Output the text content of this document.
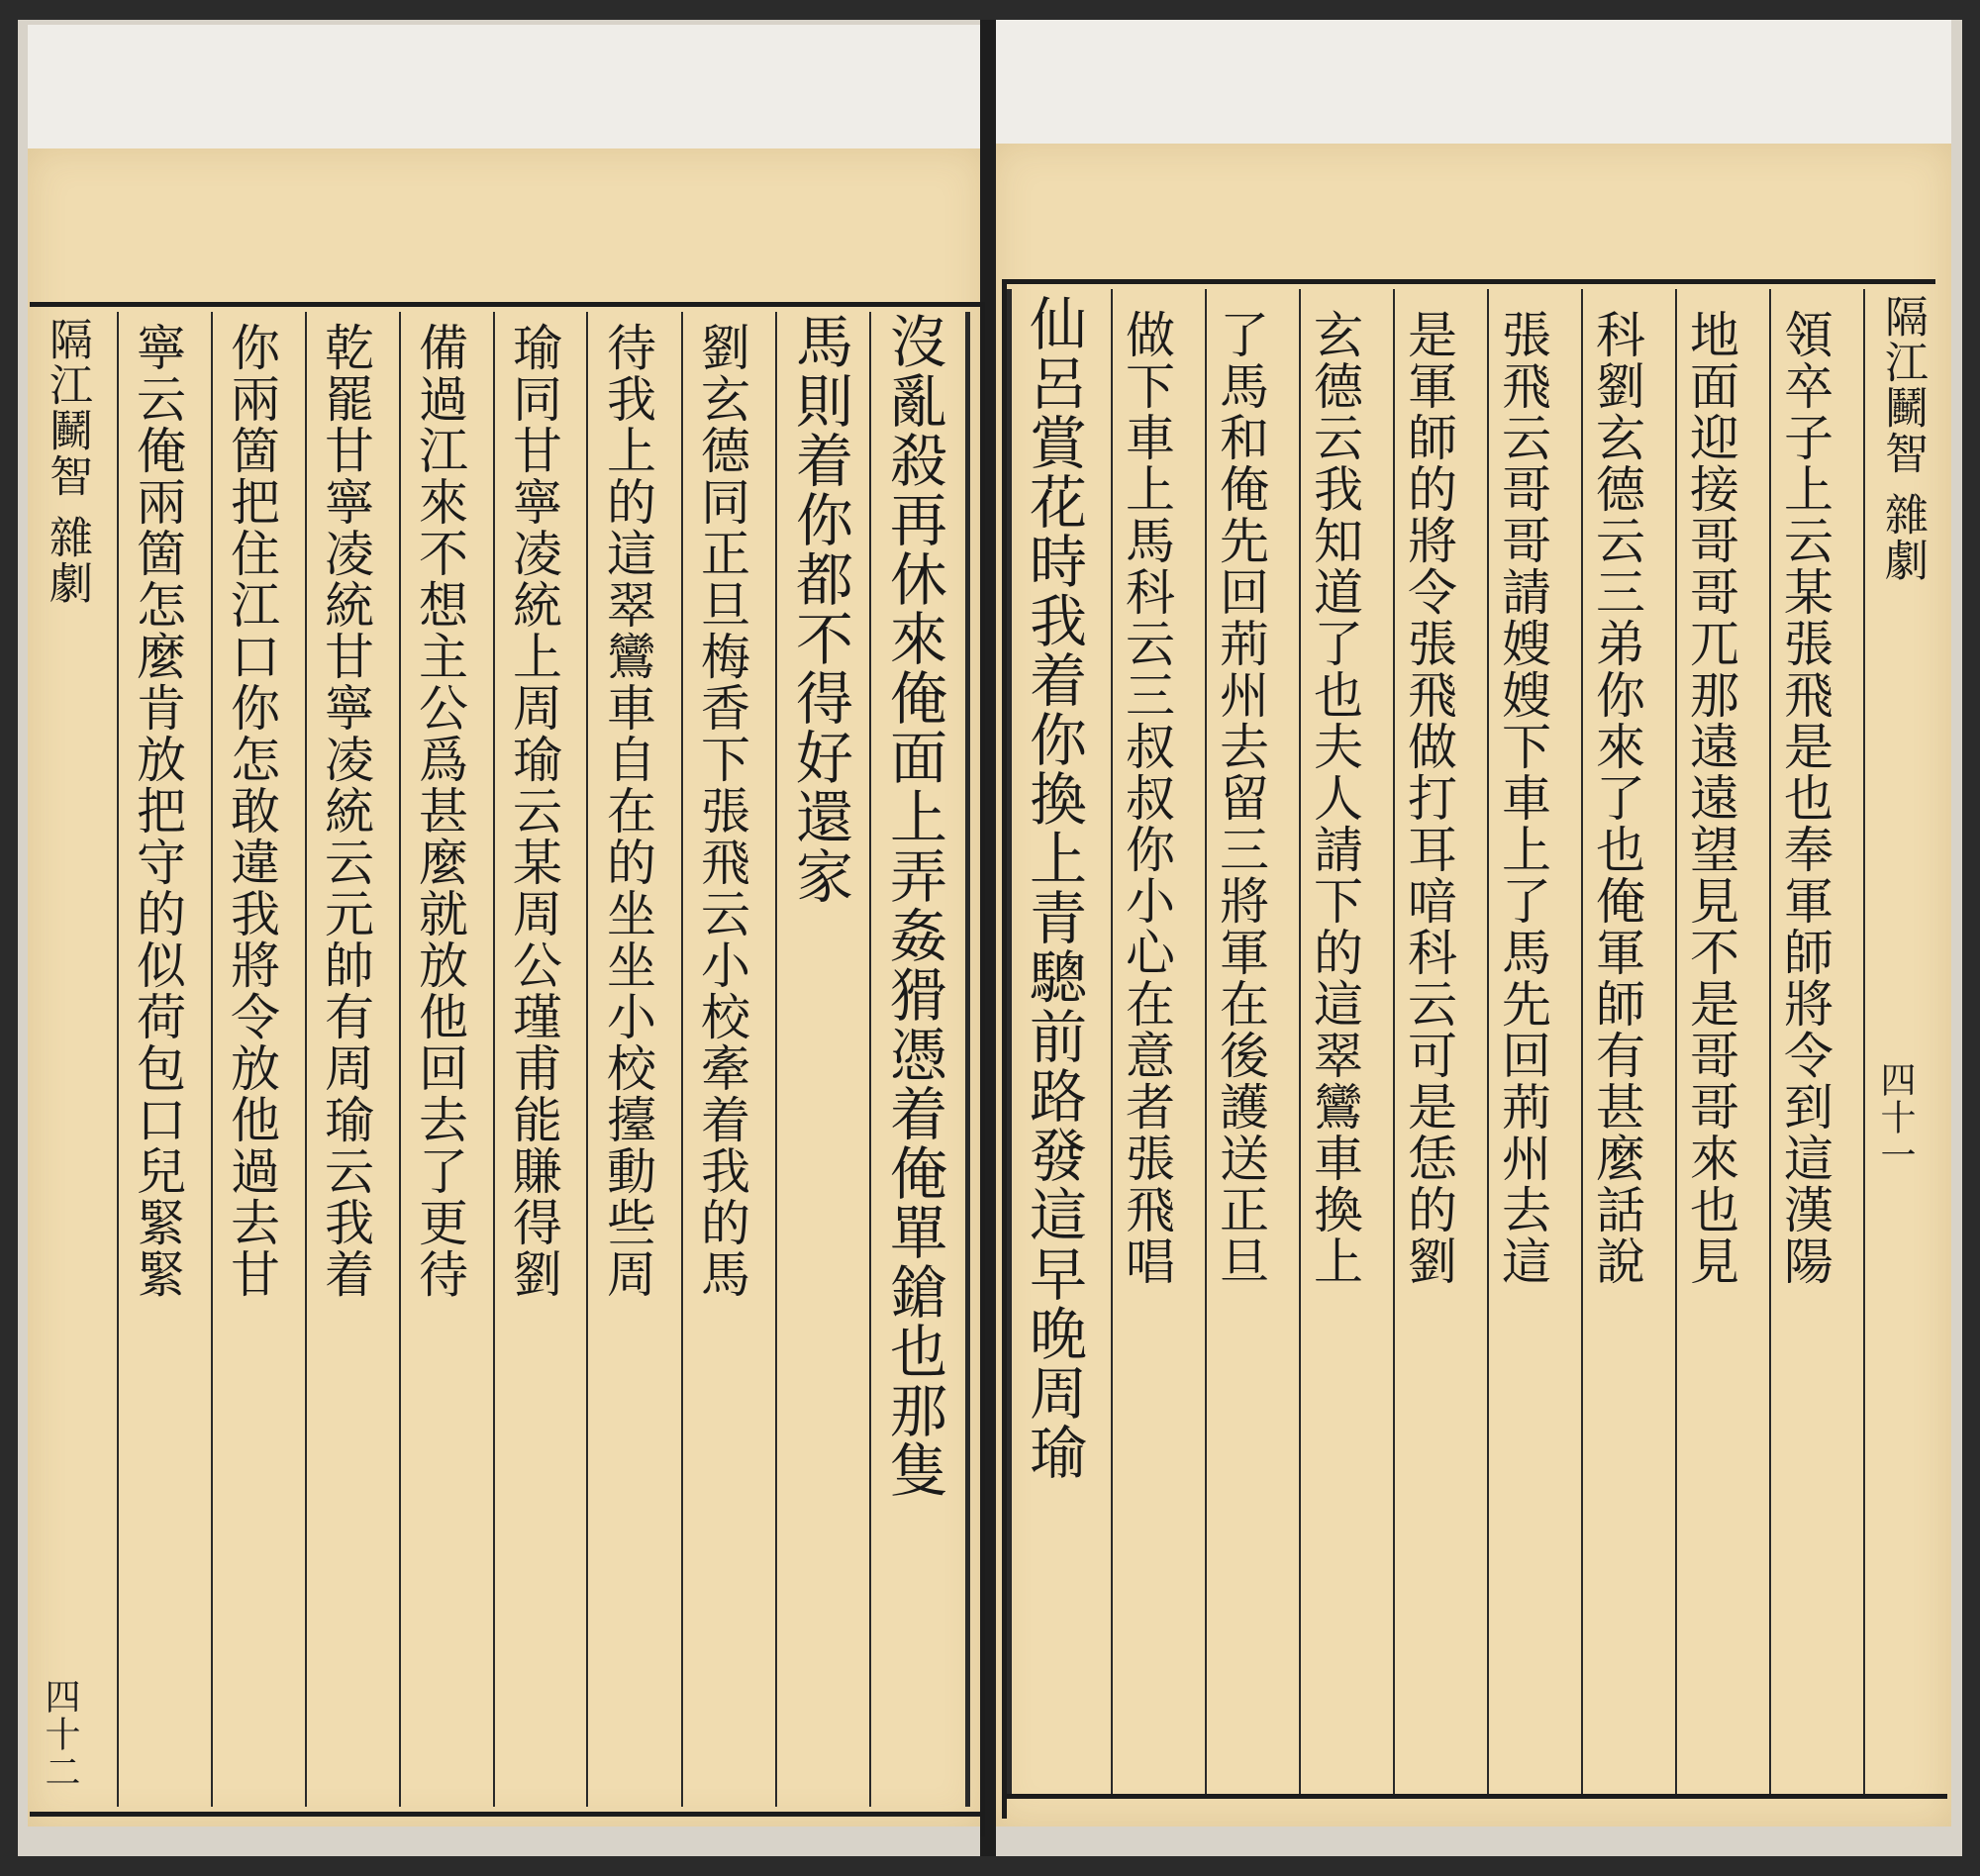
沒亂殺再休來俺面上弄姦猾憑着俺單鎗也那隻
馬則着你都不得好還家
劉玄德同正旦梅香下張飛云小校牽着我的馬
待我上的這翠鸞車自在的坐坐小校擡動些周
瑜同甘寧凌統上周瑜云某周公瑾甫能賺得劉
備過江來不想主公爲甚麼就放他回去了更待
乾罷甘寧凌統甘寧凌統云元帥有周瑜云我着
你兩箇把住江口你怎敢違我將令放他過去甘
寧云俺兩箇怎麼肯放把守的似荷包口兒緊緊
隔江鬭智 雜劇
四十二
隔江鬭智 雜劇
四十一
領卒子上云某張飛是也奉軍師將令到這漢陽
地面迎接哥哥兀那遠遠望見不是哥哥來也見
科劉玄德云三弟你來了也俺軍師有甚麼話說
張飛云哥哥請嫂嫂下車上了馬先回荊州去這
是軍師的將令張飛做打耳喑科云可是恁的劉
玄德云我知道了也夫人請下的這翠鸞車換上
了馬和俺先回荊州去留三將軍在後護送正旦
做下車上馬科云三叔叔你小心在意者張飛唱
仙呂賞花時我着你換上青驄前路發這早晚周瑜
